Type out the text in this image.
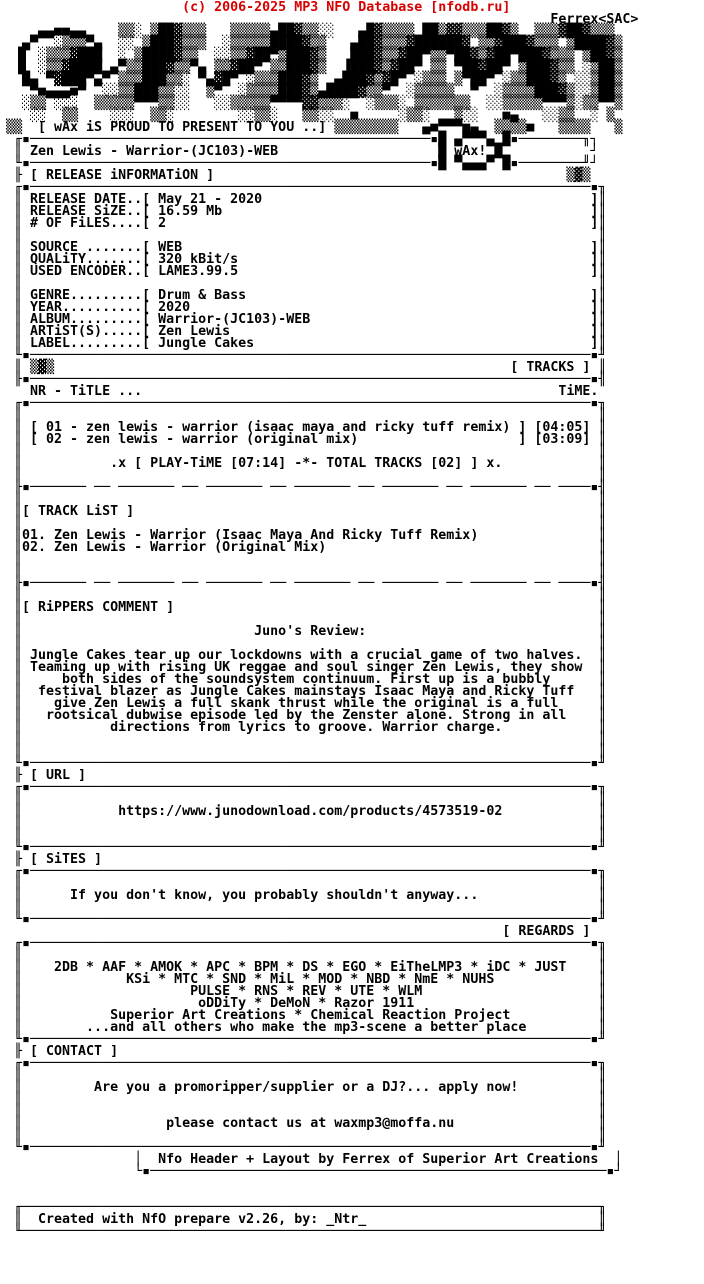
(c) 2006-2025 MP3 NFO Database [nfodb.ru]
Ferrex<SAC>
▄▄■■▄▄    ▒▒░ ▒██▓▒▒▒   ▒▒▒▒▒▄██▓▒▒░░   ▄█▓▒▒▒▒ ██▒▓▓▒▒▒██▓▒  ▒▒▒▓██▓▒▒▒
▄▀  ░▒▒▒▀▄  ░░ ▒███▓▒▒▒  ░▒▒▒▒▒████▓▒▒   ▄██▓▒▒▒▓██████▓ ▒▒▓███▓▒▒▒ ▒████▓▒
▐▌ ░▒▒▒▓███  ░ ▒████▓▒▒  ░░▒▒▓██▀▒███▓▒   ███▓▒▒▓██▀▒▒▀██▓▒▓██▀███▓▒▒▒ ▒██▓▒
▐▌ ░▒▒▓████ ▄▀▒▒███▓▒▒▀▄ ▒▒▓██▀ ▒▒███▓▒  ▐███▓▒▓██▀ ▒▒ ▀██▓██▀ ▒███▓▒▒ ░▒██▒
█▄ ▀▓███▀▄▀ ▒▒▒███▒▒░ ▀▄▓█▀ ░▒▒▒███▓▒  ▄███▓▒▓█▀ ░▒▒▒ ▒▀██▀ ░▒▒███▓▒ ░░▒██▒
▀■▄▄▄■▀  ░░▒▒███▒▒░░  ▒▀  ░▒▒▒▒███▓▒▄████▓▒▒▀  ░▒▒▒▒▒  ▀  ░▒▒▒▒███▓▒░░▒██▒
░▒▒ ░░░  ▒▒▒▒▒▀▀▀▒▒░░   ░░▒▒▒▒▒▀▀▀▀▓▓▒▒▒░  ░▒▒▒░ ▒▒▒▒▒▒▒  ░░▒▒▒▒▒▀▀▀▒░▒▒▀▀▒
░░  ▒▒    ░░░  ▒▒░        ░░▒▒░   ▒▒░░  ■     ░▒▒░   ▒░░   ■▄   ░░▒▒  ░ ▒
▒▒  [ wAx iS PROUD TO PRESENT TO YOU ..] ▒▒▒▒▒▒▒▒   ▄■▀▀▀■▄  ▒▒▒▒■   ▒▒▒▒   ▒
╓▪──────────────────────────────────────────────────▪█ ▄▀▀▀▄ █▪────────╖┐
║ Zen Lewis - Warrior-(JC103)-WEB                    █ wAx! █           ┘
╙▪──────────────────────────────────────────────────▪█ ▀▄▄▄▀ █▪────────╜┘
╟ [ RELEASE iNFORMATiON ]                                            ▒▓▒
╓▪──────────────────────────────────────────────────────────────────────▪╖
║ RELEASE DATE..[ May 21 - 2020                                         ]║
║ RELEASE SiZE..[ 16.59 Mb                                              ]║
║ # OF FiLES....[ 2                                                     ]║
║                                                                        ║
║ SOURCE .......[ WEB                                                   ]║
║ QUALiTY.......[ 320 kBit/s                                            ]║
║ USED ENCODER..[ LAME3.99.5                                            ]║
║                                                                        ║
║ GENRE.........[ Drum & Bass                                           ]║
║ YEAR..........[ 2020                                                  ]║
║ ALBUM.........[ Warrior-(JC103)-WEB                                   ]║
║ ARTiST(S).....[ Zen Lewis                                             ]║
║ LABEL.........[ Jungle Cakes                                          ]║
╙▪──────────────────────────────────────────────────────────────────────▪╜
║ ▒▓▒                                                         [ TRACKS ] ║
╟▪──────────────────────────────────────────────────────────────────────▪╢
NR - TiTLE ...                                                    TiME.
╓▪──────────────────────────────────────────────────────────────────────▪╖
║                                                                        ║
║ [ 01 - zen lewis - warrior (isaac maya and ricky tuff remix) ] [04:05] ║
║ [ 02 - zen lewis - warrior (original mix)                    ] [03:09] ║
║                                                                        ║
║           .x [ PLAY-TiME [07:14] -*- TOTAL TRACKS [02] ] x.            ║
║                                                                        ║
╟▪─────── ── ─────── ── ─────── ── ─────── ── ─────── ── ─────── ── ────▪╢
║                                                                        ║
║[ TRACK LiST ]                                                          ║
║                                                                        ║
║01. Zen Lewis - Warrior (Isaac Maya And Ricky Tuff Remix)               ║
║02. Zen Lewis - Warrior (Original Mix)                                  ║
║                                                                        ║
║                                                                        ║
╟▪─────── ── ─────── ── ─────── ── ─────── ── ─────── ── ─────── ── ────▪╢
║                                                                        ║
║[ RiPPERS COMMENT ]                                                     ║
║                                                                        ║
║                             Juno's Review:                             ║
║                                                                        ║
║ Jungle Cakes tear up our lockdowns with a crucial game of two halves.  ║
║ Teaming up with rising UK reggae and soul singer Zen Lewis, they show  ║
║     both sides of the soundsystem continuum. First up is a bubbly      ║
║  festival blazer as Jungle Cakes mainstays Isaac Maya and Ricky Tuff   ║
║    give Zen Lewis a full skank thrust while the original is a full     ║
║   rootsical dubwise episode led by the Zenster alone. Strong in all    ║
║           directions from lyrics to groove. Warrior charge.            ║
║                                                                        ║
║                                                                        ║
╙▪──────────────────────────────────────────────────────────────────────▪╜
╟ [ URL ]
╓▪──────────────────────────────────────────────────────────────────────▪╖
║                                                                        ║
║            https://www.junodownload.com/products/4573519-02            ║
║                                                                        ║
║                                                                        ║
╙▪──────────────────────────────────────────────────────────────────────▪╜
╟ [ SiTES ]
╓▪──────────────────────────────────────────────────────────────────────▪╖
║                                                                        ║
║      If you don't know, you probably shouldn't anyway...               ║
║                                                                        ║
╙▪──────────────────────────────────────────────────────────────────────▪╜
[ REGARDS ]
╓▪──────────────────────────────────────────────────────────────────────▪╖
║                                                                        ║
║    2DB * AAF * AMOK * APC * BPM * DS * EGO * EiTheLMP3 * iDC * JUST    ║
║             KSi * MTC * SND * MiL * MOD * NBD * NmE * NUHS             ║
║                     PULSE * RNS * REV * UTE * WLM                      ║
║                      oDDiTy * DeMoN * Razor 1911                       ║
║           Superior Art Creations * Chemical Reaction Project           ║
║        ...and all others who make the mp3-scene a better place         ║
╙▪──────────────────────────────────────────────────────────────────────▪╜
╟ [ CONTACT ]
╓▪──────────────────────────────────────────────────────────────────────▪╖
║                                                                        ║
║         Are you a promoripper/supplier or a DJ?... apply now!          ║
║                                                                        ║
║                                                                        ║
║                  please contact us at waxmp3@moffa.nu                  ║
║                                                                        ║
╙▪──────────────────────────────────────────────────────────────────────▪╜
│  Nfo Header + Layout by Ferrex of Superior Art Creations  │
└▪─────────────────────────────────────────────────────────▪┘

╓────────────────────────────────────────────────────────────────────────╖
║  Created with NfO prepare v2.26, by: _Ntr_                             ║
╙────────────────────────────────────────────────────────────────────────╜
